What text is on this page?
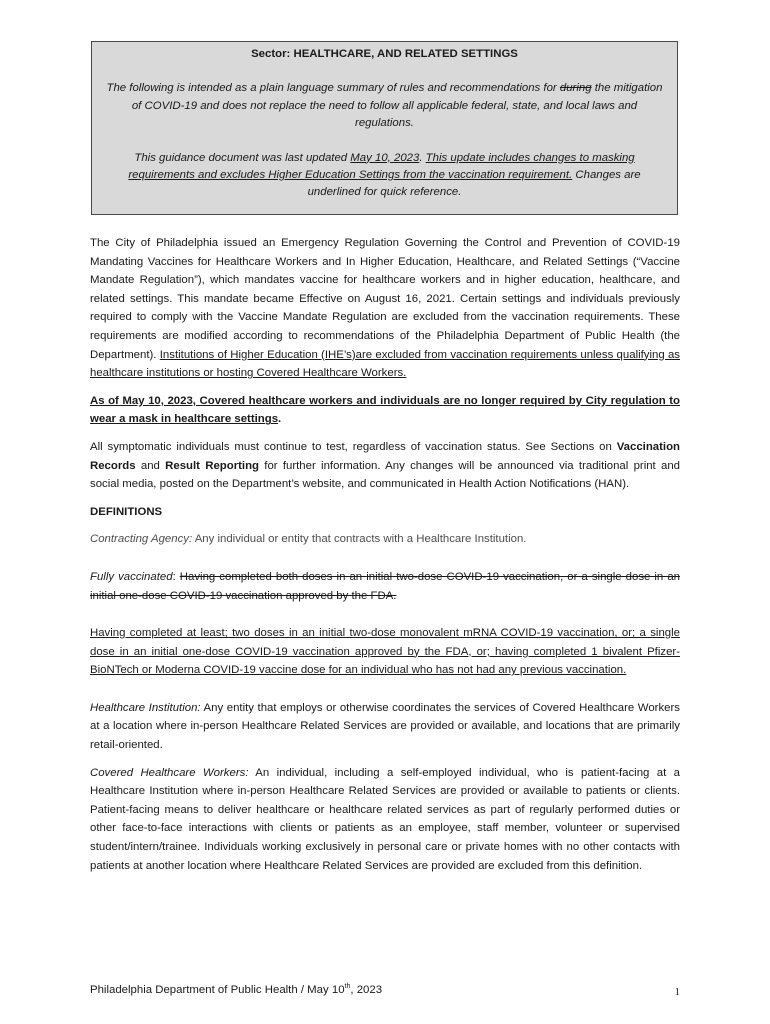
Sector: HEALTHCARE, AND RELATED SETTINGS

The following is intended as a plain language summary of rules and recommendations for during the mitigation of COVID-19 and does not replace the need to follow all applicable federal, state, and local laws and regulations.

This guidance document was last updated May 10, 2023. This update includes changes to masking requirements and excludes Higher Education Settings from the vaccination requirement. Changes are underlined for quick reference.

The City of Philadelphia issued an Emergency Regulation Governing the Control and Prevention of COVID-19 Mandating Vaccines for Healthcare Workers and In Higher Education, Healthcare, and Related Settings (“Vaccine Mandate Regulation”), which mandates vaccine for healthcare workers and in higher education, healthcare, and related settings. This mandate became Effective on August 16, 2021. Certain settings and individuals previously required to comply with the Vaccine Mandate Regulation are excluded from the vaccination requirements. These requirements are modified according to recommendations of the Philadelphia Department of Public Health (the Department). Institutions of Higher Education (IHE’s)are excluded from vaccination requirements unless qualifying as healthcare institutions or hosting Covered Healthcare Workers.

As of May 10, 2023, Covered healthcare workers and individuals are no longer required by City regulation to wear a mask in healthcare settings.

All symptomatic individuals must continue to test, regardless of vaccination status. See Sections on Vaccination Records and Result Reporting for further information. Any changes will be announced via traditional print and social media, posted on the Department’s website, and communicated in Health Action Notifications (HAN).

DEFINITIONS

Contracting Agency: Any individual or entity that contracts with a Healthcare Institution.

Fully vaccinated: Having completed both doses in an initial two-dose COVID-19 vaccination, or a single dose in an initial one-dose COVID-19 vaccination approved by the FDA.

Having completed at least; two doses in an initial two-dose monovalent mRNA COVID-19 vaccination, or; a single dose in an initial one-dose COVID-19 vaccination approved by the FDA, or; having completed 1 bivalent Pfizer-BioNTech or Moderna COVID-19 vaccine dose for an individual who has not had any previous vaccination.

Healthcare Institution: Any entity that employs or otherwise coordinates the services of Covered Healthcare Workers at a location where in-person Healthcare Related Services are provided or available, and locations that are primarily retail-oriented.

Covered Healthcare Workers: An individual, including a self-employed individual, who is patient-facing at a Healthcare Institution where in-person Healthcare Related Services are provided or available to patients or clients. Patient-facing means to deliver healthcare or healthcare related services as part of regularly performed duties or other face-to-face interactions with clients or patients as an employee, staff member, volunteer or supervised student/intern/trainee. Individuals working exclusively in personal care or private homes with no other contacts with patients at another location where Healthcare Related Services are provided are excluded from this definition.

Philadelphia Department of Public Health / May 10th, 2023	1
